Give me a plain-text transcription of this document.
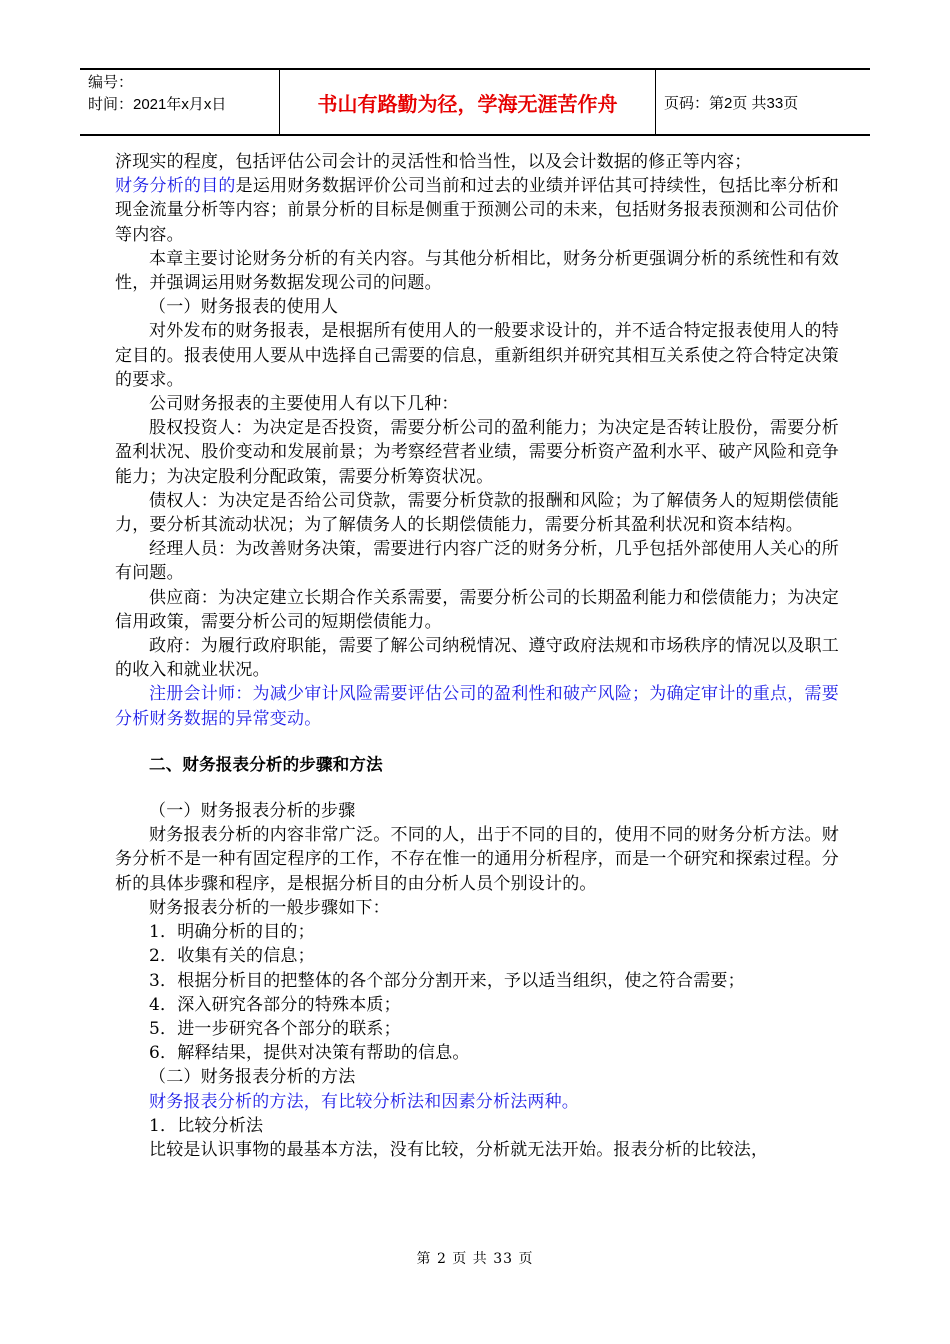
编号：
时间：2021年x月x日	书山有路勤为径，学海无涯苦作舟	页码：第2页 共33页

济现实的程度，包括评估公司会计的灵活性和恰当性，以及会计数据的修正等内容；

财务分析的目的是运用财务数据评价公司当前和过去的业绩并评估其可持续性，包括比率分析和现金流量分析等内容；前景分析的目标是侧重于预测公司的未来，包括财务报表预测和公司估价等内容。

本章主要讨论财务分析的有关内容。与其他分析相比，财务分析更强调分析的系统性和有效性，并强调运用财务数据发现公司的问题。

（一）财务报表的使用人

对外发布的财务报表，是根据所有使用人的一般要求设计的，并不适合特定报表使用人的特定目的。报表使用人要从中选择自己需要的信息，重新组织并研究其相互关系使之符合特定决策的要求。

公司财务报表的主要使用人有以下几种：

股权投资人：为决定是否投资，需要分析公司的盈利能力；为决定是否转让股份，需要分析盈利状况、股价变动和发展前景；为考察经营者业绩，需要分析资产盈利水平、破产风险和竞争能力；为决定股利分配政策，需要分析筹资状况。

债权人：为决定是否给公司贷款，需要分析贷款的报酬和风险；为了解债务人的短期偿债能力，要分析其流动状况；为了解债务人的长期偿债能力，需要分析其盈利状况和资本结构。

经理人员：为改善财务决策，需要进行内容广泛的财务分析，几乎包括外部使用人关心的所有问题。

供应商：为决定建立长期合作关系需要，需要分析公司的长期盈利能力和偿债能力；为决定信用政策，需要分析公司的短期偿债能力。

政府：为履行政府职能，需要了解公司纳税情况、遵守政府法规和市场秩序的情况以及职工的收入和就业状况。

注册会计师：为减少审计风险需要评估公司的盈利性和破产风险；为确定审计的重点，需要分析财务数据的异常变动。

二、财务报表分析的步骤和方法

（一）财务报表分析的步骤

财务报表分析的内容非常广泛。不同的人，出于不同的目的，使用不同的财务分析方法。财务分析不是一种有固定程序的工作，不存在惟一的通用分析程序，而是一个研究和探索过程。分析的具体步骤和程序，是根据分析目的由分析人员个别设计的。

财务报表分析的一般步骤如下：

1．明确分析的目的；

2．收集有关的信息；

3．根据分析目的把整体的各个部分分割开来，予以适当组织，使之符合需要；

4．深入研究各部分的特殊本质；

5．进一步研究各个部分的联系；

6．解释结果，提供对决策有帮助的信息。

（二）财务报表分析的方法

财务报表分析的方法，有比较分析法和因素分析法两种。

1．比较分析法

比较是认识事物的最基本方法，没有比较，分析就无法开始。报表分析的比较法，

第 2 页 共 33 页
